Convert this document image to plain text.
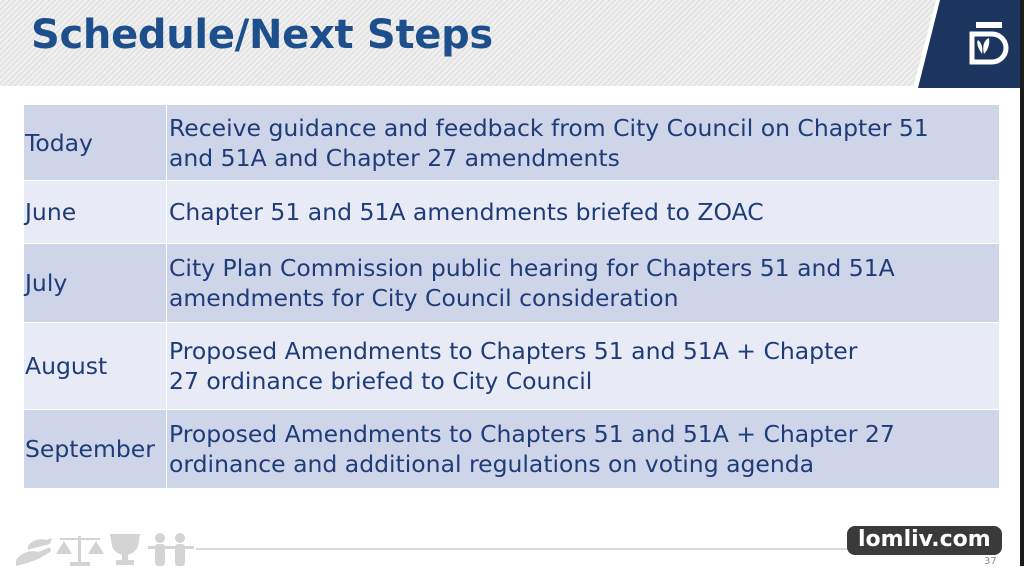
Schedule/Next Steps
Today	Receive guidance and feedback from City Council on Chapter 51
and 51A and Chapter 27 amendments
June	Chapter 51 and 51A amendments briefed to ZOAC
July	City Plan Commission public hearing for Chapters 51 and 51A
amendments for City Council consideration
August	Proposed Amendments to Chapters 51 and 51A + Chapter
27 ordinance briefed to City Council
September	Proposed Amendments to Chapters 51 and 51A + Chapter 27
ordinance and additional regulations on voting agenda
37
lomliv.com
